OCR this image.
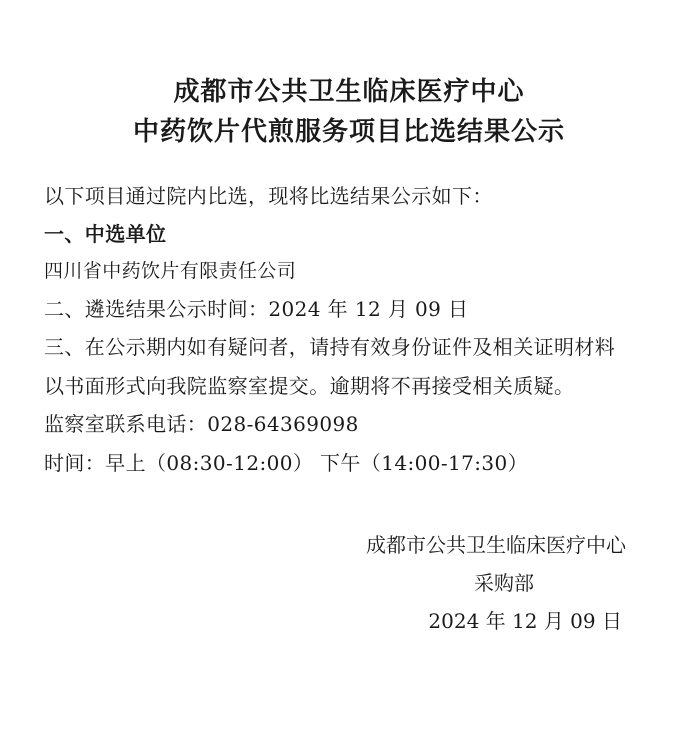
成都市公共卫生临床医疗中心
中药饮片代煎服务项目比选结果公示

以下项目通过院内比选，现将比选结果公示如下：

一、中选单位

四川省中药饮片有限责任公司

二、遴选结果公示时间：2024 年 12 月 09 日

三、在公示期内如有疑问者，请持有效身份证件及相关证明材料

以书面形式向我院监察室提交。逾期将不再接受相关质疑。

监察室联系电话：028-64369098

时间：早上（08:30-12:00） 下午（14:00-17:30）

成都市公共卫生临床医疗中心
采购部
2024 年 12 月 09 日
